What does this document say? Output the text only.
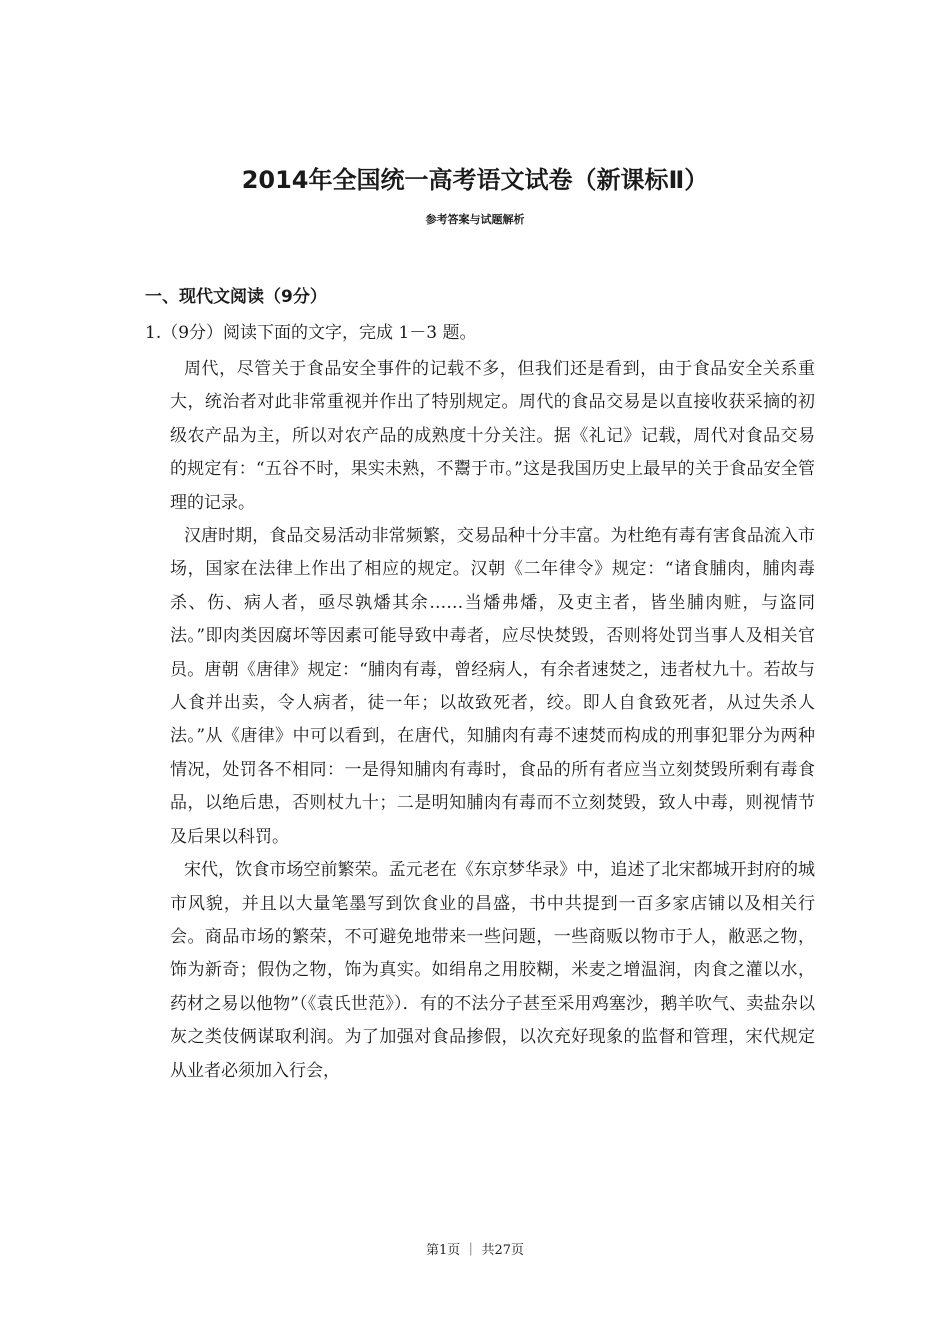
2014年全国统一高考语文试卷（新课标Ⅱ）
参考答案与试题解析
一、现代文阅读（9分）
1.（9分）阅读下面的文字，完成 1－3 题。

周代，尽管关于食品安全事件的记载不多，但我们还是看到，由于食品安全关系重大，统治者对此非常重视并作出了特别规定。周代的食品交易是以直接收获采摘的初级农产品为主，所以对农产品的成熟度十分关注。据《礼记》记载，周代对食品交易的规定有：“五谷不时，果实未熟，不鬻于市。”这是我国历史上最早的关于食品安全管理的记录。

汉唐时期，食品交易活动非常频繁，交易品种十分丰富。为杜绝有毒有害食品流入市场，国家在法律上作出了相应的规定。汉朝《二年律令》规定：“诸食脯肉，脯肉毒杀、伤、病人者，亟尽孰燔其余……当燔弗燔，及吏主者，皆坐脯肉赃，与盗同法。”即肉类因腐坏等因素可能导致中毒者，应尽快焚毁，否则将处罚当事人及相关官员。唐朝《唐律》规定：“脯肉有毒，曾经病人，有余者速焚之，违者杖九十。若故与人食并出卖，令人病者，徒一年；以故致死者，绞。即人自食致死者，从过失杀人法。”从《唐律》中可以看到，在唐代，知脯肉有毒不速焚而构成的刑事犯罪分为两种情况，处罚各不相同：一是得知脯肉有毒时，食品的所有者应当立刻焚毁所剩有毒食品，以绝后患，否则杖九十；二是明知脯肉有毒而不立刻焚毁，致人中毒，则视情节及后果以科罚。

宋代，饮食市场空前繁荣。孟元老在《东京梦华录》中，追述了北宋都城开封府的城市风貌，并且以大量笔墨写到饮食业的昌盛，书中共提到一百多家店铺以及相关行会。商品市场的繁荣，不可避免地带来一些问题，一些商贩以物市于人，敝恶之物，饰为新奇；假伪之物，饰为真实。如绢帛之用胶糊，米麦之增温润，肉食之灌以水，药材之易以他物”（《袁氏世范》）．有的不法分子甚至采用鸡塞沙，鹅羊吹气、卖盐杂以灰之类伎俩谋取利润。为了加强对食品掺假，以次充好现象的监督和管理，宋代规定从业者必须加入行会，

第1页 ｜ 共27页
